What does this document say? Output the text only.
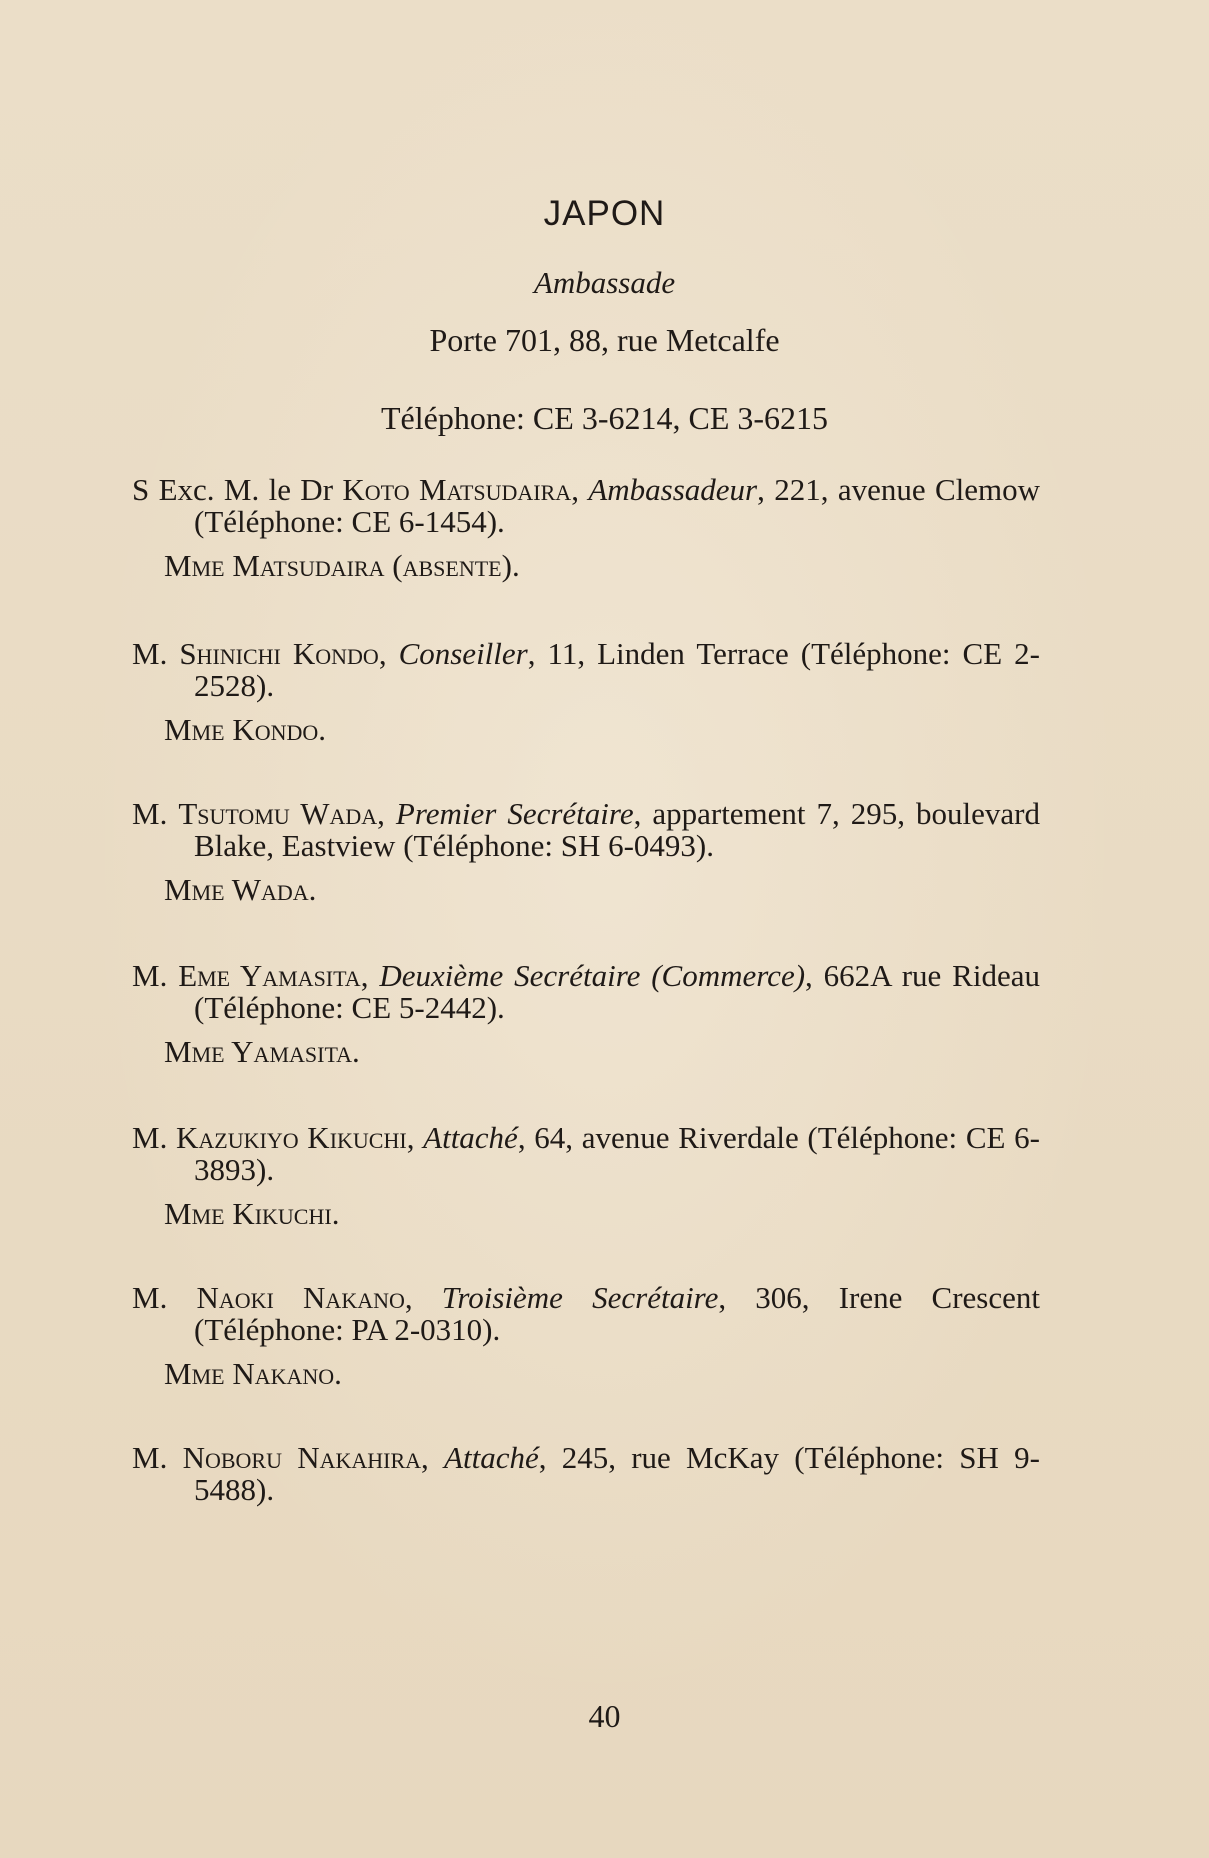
JAPON
Ambassade
Porte 701, 88, rue Metcalfe
Téléphone: CE 3-6214, CE 3-6215
S Exc. M. le Dr Koto Matsudaira, Ambassadeur, 221, avenue Clemow (Téléphone: CE 6-1454).
Mme Matsudaira (absente).
M. Shinichi Kondo, Conseiller, 11, Linden Terrace (Téléphone: CE 2-2528).
Mme Kondo.
M. Tsutomu Wada, Premier Secrétaire, appartement 7, 295, boulevard Blake, Eastview (Téléphone: SH 6-0493).
Mme Wada.
M. Eme Yamasita, Deuxième Secrétaire (Commerce), 662A rue Rideau (Téléphone: CE 5-2442).
Mme Yamasita.
M. Kazukiyo Kikuchi, Attaché, 64, avenue Riverdale (Téléphone: CE 6-3893).
Mme Kikuchi.
M. Naoki Nakano, Troisième Secrétaire, 306, Irene Crescent (Téléphone: PA 2-0310).
Mme Nakano.
M. Noboru Nakahira, Attaché, 245, rue McKay (Téléphone: SH 9-5488).
40
